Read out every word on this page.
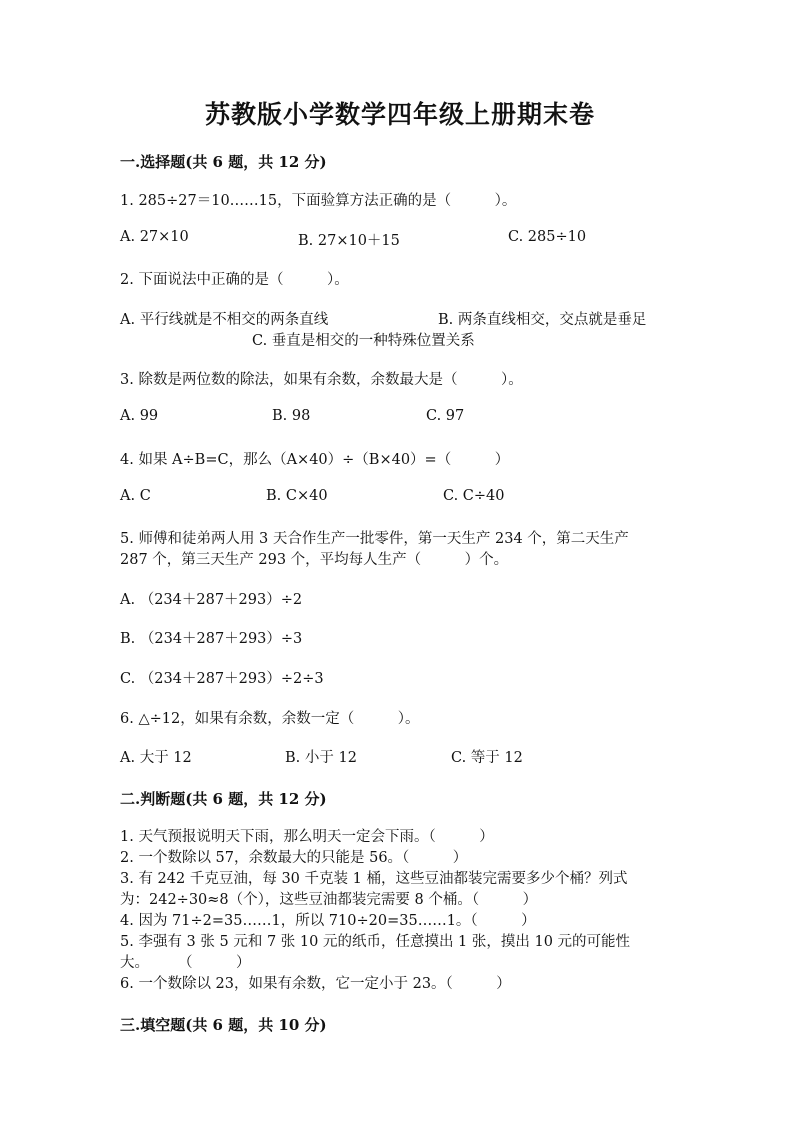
苏教版小学数学四年级上册期末卷
一.选择题(共 6 题，共 12 分)
1. 285÷27＝10……15，下面验算方法正确的是（　　　）。
A. 27×10	B. 27×10＋15	C. 285÷10
2. 下面说法中正确的是（　　　）。
A. 平行线就是不相交的两条直线	B. 两条直线相交，交点就是垂足
C. 垂直是相交的一种特殊位置关系
3. 除数是两位数的除法，如果有余数，余数最大是（　　　）。
A. 99	B. 98	C. 97
4. 如果 A÷B=C，那么（A×40）÷（B×40）=（　　　）
A. C	B. C×40	C. C÷40
5. 师傅和徒弟两人用 3 天合作生产一批零件，第一天生产 234 个，第二天生产
287 个，第三天生产 293 个，平均每人生产（　　　）个。
A. （234＋287＋293）÷2
B. （234＋287＋293）÷3
C. （234＋287＋293）÷2÷3
6. △÷12，如果有余数，余数一定（　　　）。
A. 大于 12	B. 小于 12	C. 等于 12
二.判断题(共 6 题，共 12 分)
1. 天气预报说明天下雨，那么明天一定会下雨。（　　　）
2. 一个数除以 57，余数最大的只能是 56。（　　　）
3. 有 242 千克豆油，每 30 千克装 1 桶，这些豆油都装完需要多少个桶？列式
为：242÷30≈8（个），这些豆油都装完需要 8 个桶。（　　　）
4. 因为 71÷2=35……1，所以 710÷20=35……1。（　　　）
5. 李强有 3 张 5 元和 7 张 10 元的纸币，任意摸出 1 张，摸出 10 元的可能性
大。　　　（　　　）
6. 一个数除以 23，如果有余数，它一定小于 23。（　　　）
三.填空题(共 6 题，共 10 分)
